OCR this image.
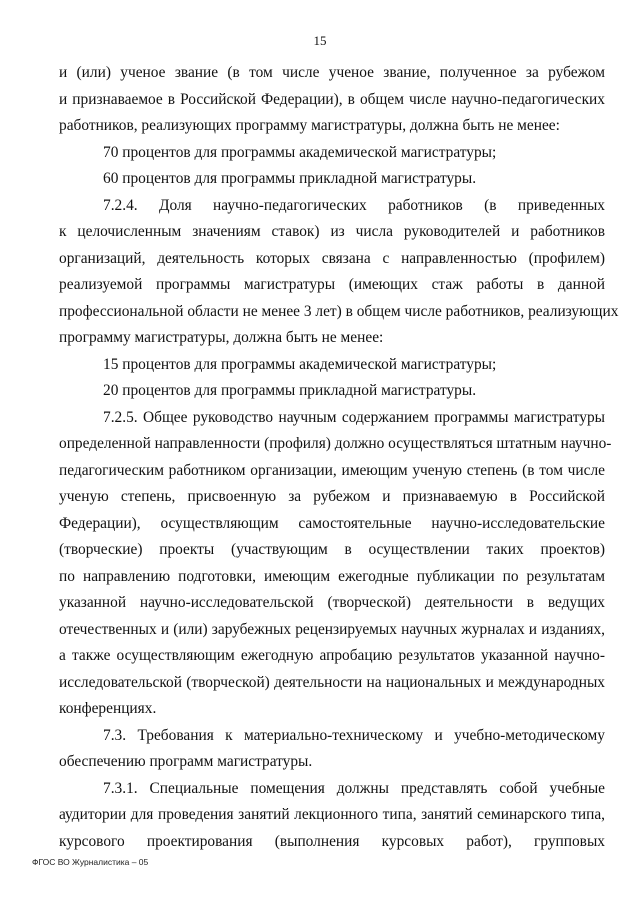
15
и (или) ученое звание (в том числе ученое звание, полученное за рубежом
и признаваемое в Российской Федерации), в общем числе научно-педагогических
работников, реализующих программу магистратуры, должна быть не менее:
70 процентов для программы академической магистратуры;
60 процентов для программы прикладной магистратуры.
7.2.4. Доля научно-педагогических работников (в приведенных
к целочисленным значениям ставок) из числа руководителей и работников
организаций, деятельность которых связана с направленностью (профилем)
реализуемой программы магистратуры (имеющих стаж работы в данной
профессиональной области не менее 3 лет) в общем числе работников, реализующих
программу магистратуры, должна быть не менее:
15 процентов для программы академической магистратуры;
20 процентов для программы прикладной магистратуры.
7.2.5. Общее руководство научным содержанием программы магистратуры
определенной направленности (профиля) должно осуществляться штатным научно-
педагогическим работником организации, имеющим ученую степень (в том числе
ученую степень, присвоенную за рубежом и признаваемую в Российской
Федерации), осуществляющим самостоятельные научно-исследовательские
(творческие) проекты (участвующим в осуществлении таких проектов)
по направлению подготовки, имеющим ежегодные публикации по результатам
указанной научно-исследовательской (творческой) деятельности в ведущих
отечественных и (или) зарубежных рецензируемых научных журналах и изданиях,
а также осуществляющим ежегодную апробацию результатов указанной научно-
исследовательской (творческой) деятельности на национальных и международных
конференциях.
7.3. Требования к материально-техническому и учебно-методическому
обеспечению программ магистратуры.
7.3.1. Специальные помещения должны представлять собой учебные
аудитории для проведения занятий лекционного типа, занятий семинарского типа,
курсового проектирования (выполнения курсовых работ), групповых
ФГОС ВО Журналистика – 05
